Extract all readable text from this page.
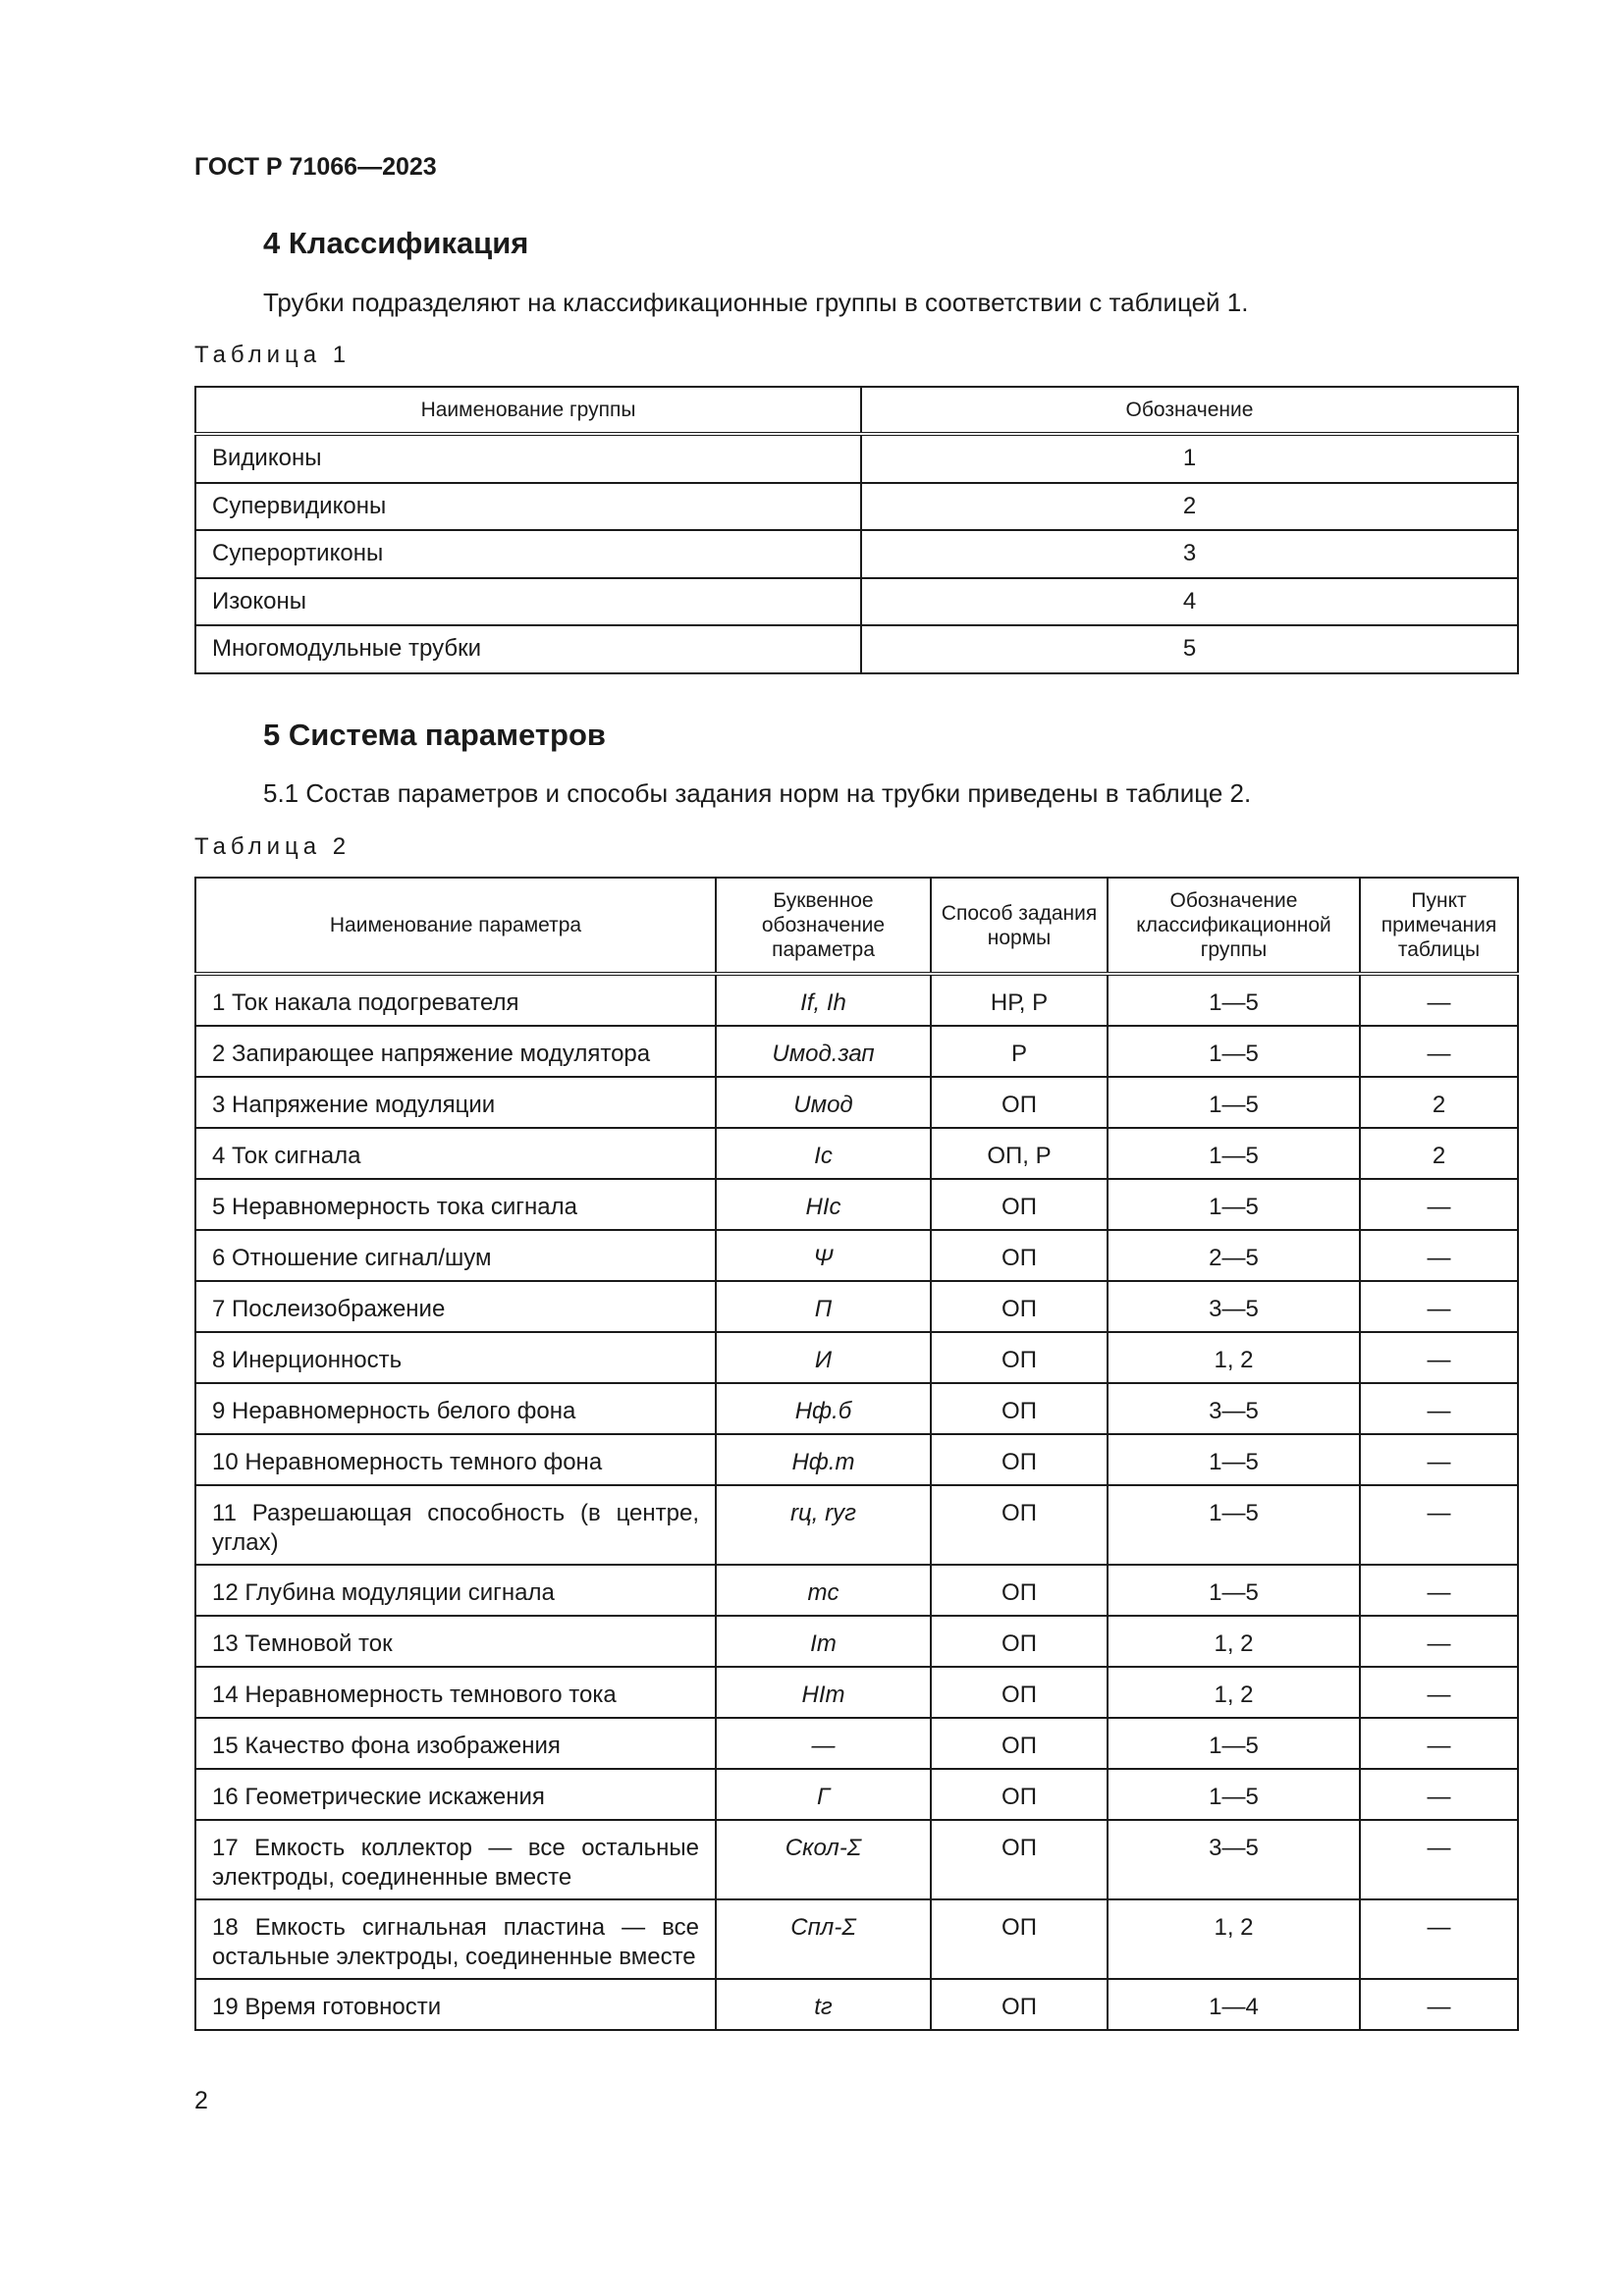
ГОСТ Р 71066—2023
4 Классификация
Трубки подразделяют на классификационные группы в соответствии с таблицей 1.
Таблица 1
Наименование группы	Обозначение
Видиконы	1
Супервидиконы	2
Суперортиконы	3
Изоконы	4
Многомодульные трубки	5
5 Система параметров
5.1 Состав параметров и способы задания норм на трубки приведены в таблице 2.
Таблица 2
Наименование параметра	Буквенное обозначение параметра	Способ задания нормы	Обозначение классификационной группы	Пункт примечания таблицы
1 Ток накала подогревателя	If, Ih	НР, Р	1—5	—
2 Запирающее напряжение модулятора	Uмод.зап	Р	1—5	—
3 Напряжение модуляции	Uмод	ОП	1—5	2
4 Ток сигнала	Iс	ОП, Р	1—5	2
5 Неравномерность тока сигнала	НIс	ОП	1—5	—
6 Отношение сигнал/шум	Ψ	ОП	2—5	—
7 Послеизображение	П	ОП	3—5	—
8 Инерционность	И	ОП	1, 2	—
9 Неравномерность белого фона	Нф.б	ОП	3—5	—
10 Неравномерность темного фона	Нф.т	ОП	1—5	—
11 Разрешающая способность (в центре, углах)	rц, rуг	ОП	1—5	—
12 Глубина модуляции сигнала	mс	ОП	1—5	—
13 Темновой ток	Iт	ОП	1, 2	—
14 Неравномерность темнового тока	HIт	ОП	1, 2	—
15 Качество фона изображения	—	ОП	1—5	—
16 Геометрические искажения	Г	ОП	1—5	—
17 Емкость коллектор — все остальные электроды, соединенные вместе	Cкол-Σ	ОП	3—5	—
18 Емкость сигнальная пластина — все остальные электроды, соединенные вместе	Cпл-Σ	ОП	1, 2	—
19 Время готовности	tг	ОП	1—4	—
2
